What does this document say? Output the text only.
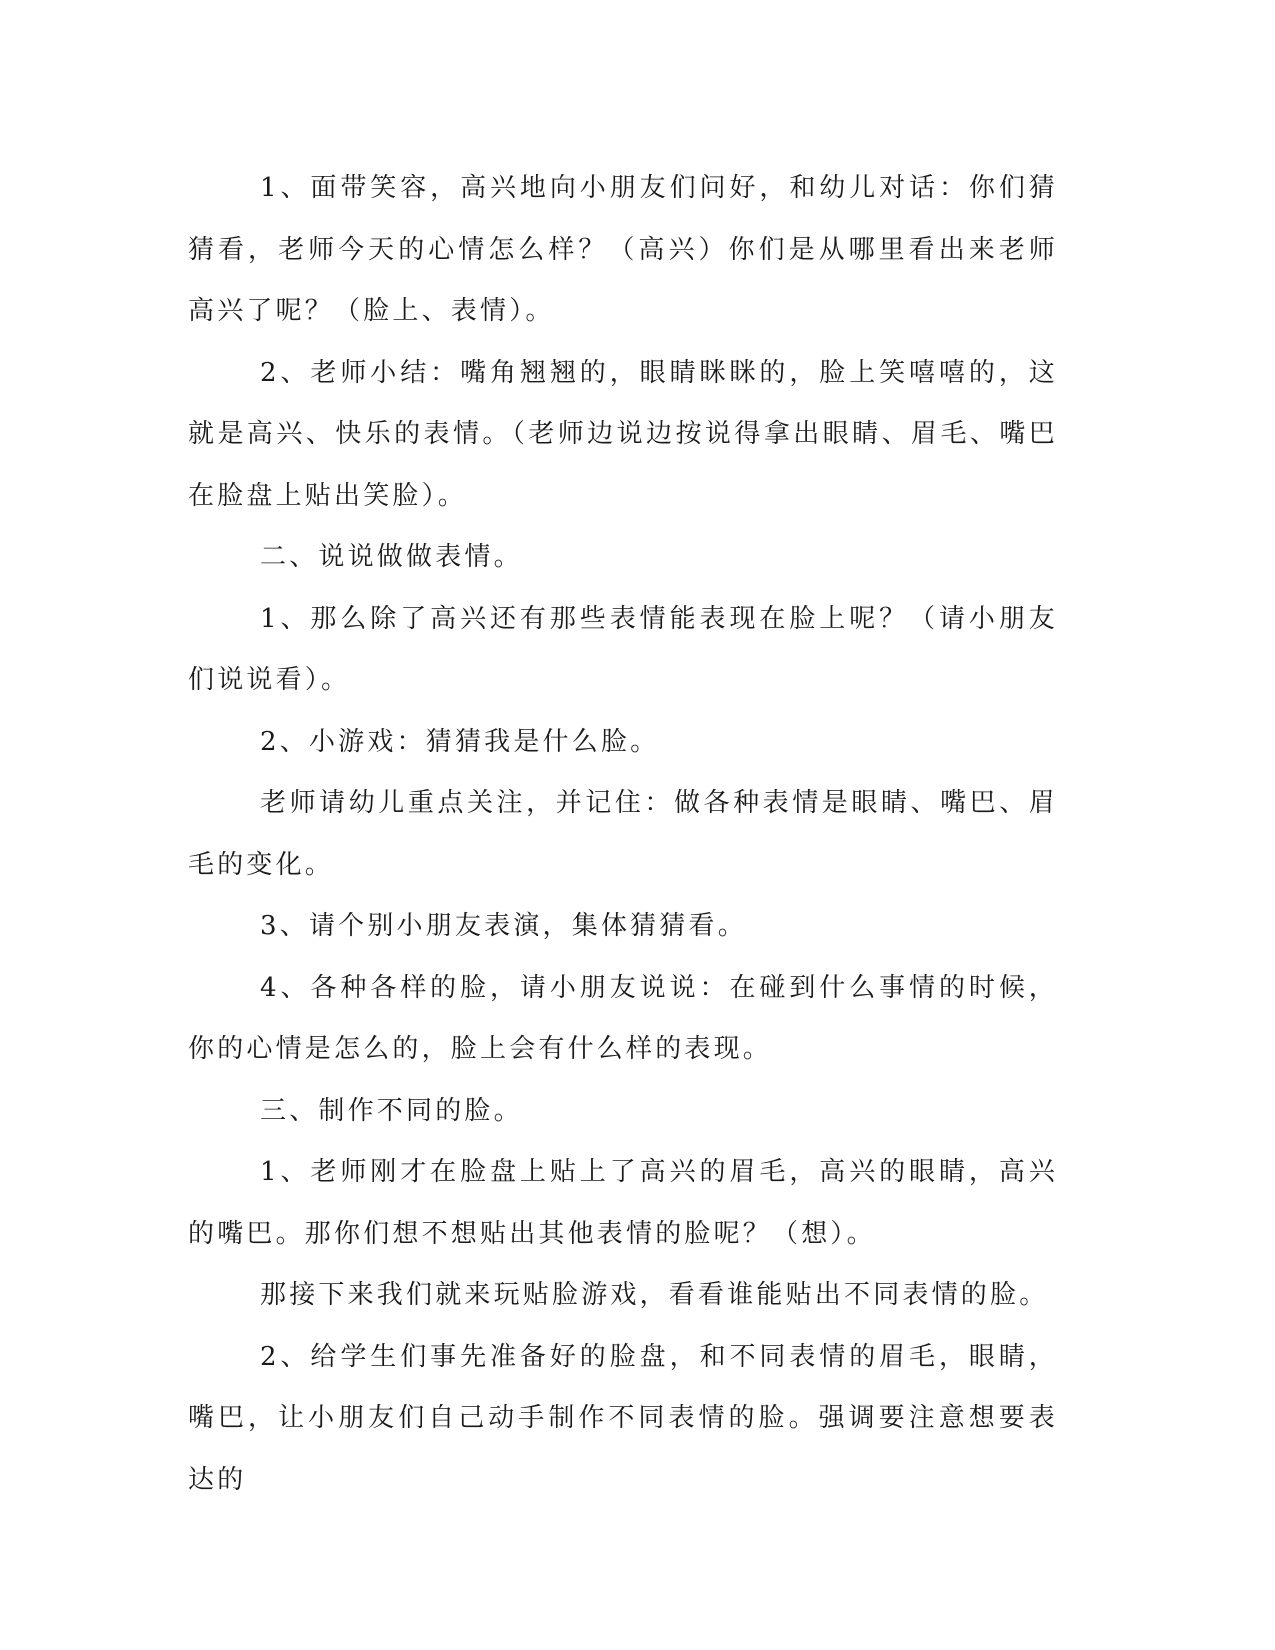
1、面带笑容，高兴地向小朋友们问好，和幼儿对话：你们猜猜看，老师今天的心情怎么样？（高兴）你们是从哪里看出来老师高兴了呢？（脸上、表情）。

2、老师小结：嘴角翘翘的，眼睛眯眯的，脸上笑嘻嘻的，这就是高兴、快乐的表情。（老师边说边按说得拿出眼睛、眉毛、嘴巴在脸盘上贴出笑脸）。

二、说说做做表情。

1、那么除了高兴还有那些表情能表现在脸上呢？（请小朋友们说说看）。

2、小游戏：猜猜我是什么脸。

老师请幼儿重点关注，并记住：做各种表情是眼睛、嘴巴、眉毛的变化。

3、请个别小朋友表演，集体猜猜看。

4、各种各样的脸，请小朋友说说：在碰到什么事情的时候，你的心情是怎么的，脸上会有什么样的表现。

三、制作不同的脸。

1、老师刚才在脸盘上贴上了高兴的眉毛，高兴的眼睛，高兴的嘴巴。那你们想不想贴出其他表情的脸呢？（想）。

那接下来我们就来玩贴脸游戏，看看谁能贴出不同表情的脸。

2、给学生们事先准备好的脸盘，和不同表情的眉毛，眼睛，嘴巴，让小朋友们自己动手制作不同表情的脸。强调要注意想要表达的
